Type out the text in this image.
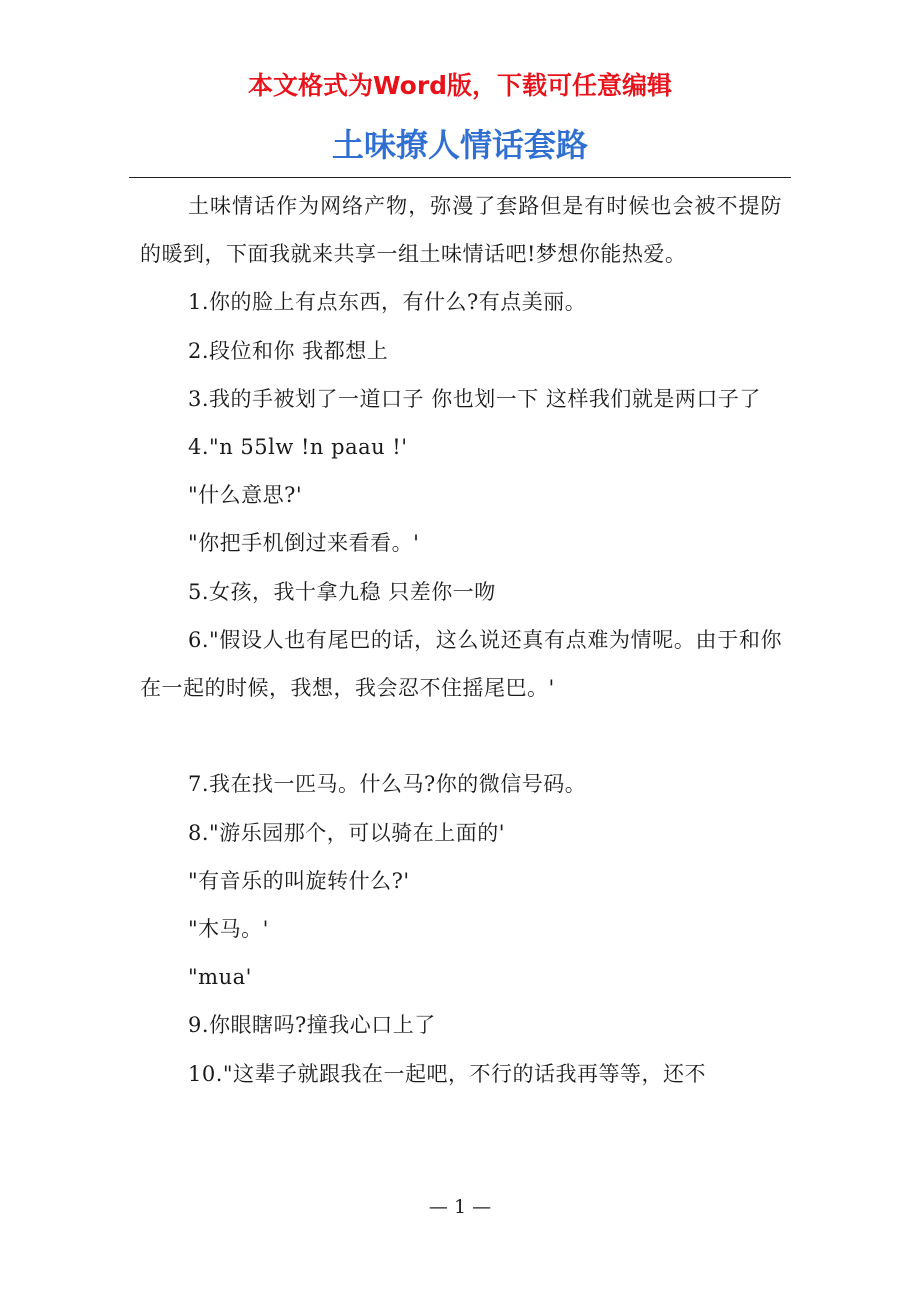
本文格式为Word版，下载可任意编辑
土味撩人情话套路

土味情话作为网络产物，弥漫了套路但是有时候也会被不提防的暖到，下面我就来共享一组土味情话吧!梦想你能热爱。

1.你的脸上有点东西，有什么?有点美丽。

2.段位和你 我都想上

3.我的手被划了一道口子 你也划一下 这样我们就是两口子了

4."n 55lw !n paau !'

"什么意思?'

"你把手机倒过来看看。'

5.女孩，我十拿九稳 只差你一吻

6."假设人也有尾巴的话，这么说还真有点难为情呢。由于和你在一起的时候，我想，我会忍不住摇尾巴。'

7.我在找一匹马。什么马?你的微信号码。

8."游乐园那个，可以骑在上面的'

"有音乐的叫旋转什么?'

"木马。'

"mua'

9.你眼瞎吗?撞我心口上了

10."这辈子就跟我在一起吧，不行的话我再等等，还不

— 1 —
